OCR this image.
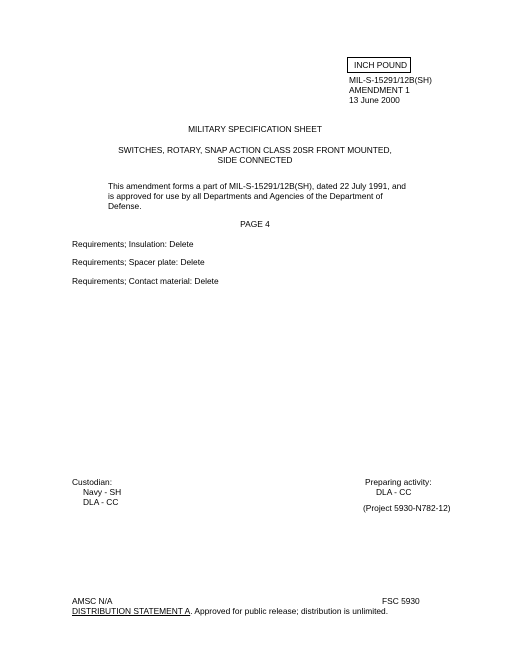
INCH POUND
MIL-S-15291/12B(SH)
AMENDMENT 1
13 June 2000
MILITARY SPECIFICATION SHEET
SWITCHES, ROTARY, SNAP ACTION CLASS 20SR FRONT MOUNTED,
SIDE CONNECTED
This amendment forms a part of MIL-S-15291/12B(SH), dated 22 July 1991, and is approved for use by all Departments and Agencies of the Department of Defense.
PAGE 4
Requirements; Insulation: Delete
Requirements; Spacer plate: Delete
Requirements; Contact material: Delete
Custodian:
Navy - SH
DLA - CC
Preparing activity:
DLA - CC
(Project 5930-N782-12)
AMSC N/A	FSC 5930
DISTRIBUTION STATEMENT A. Approved for public release; distribution is unlimited.
